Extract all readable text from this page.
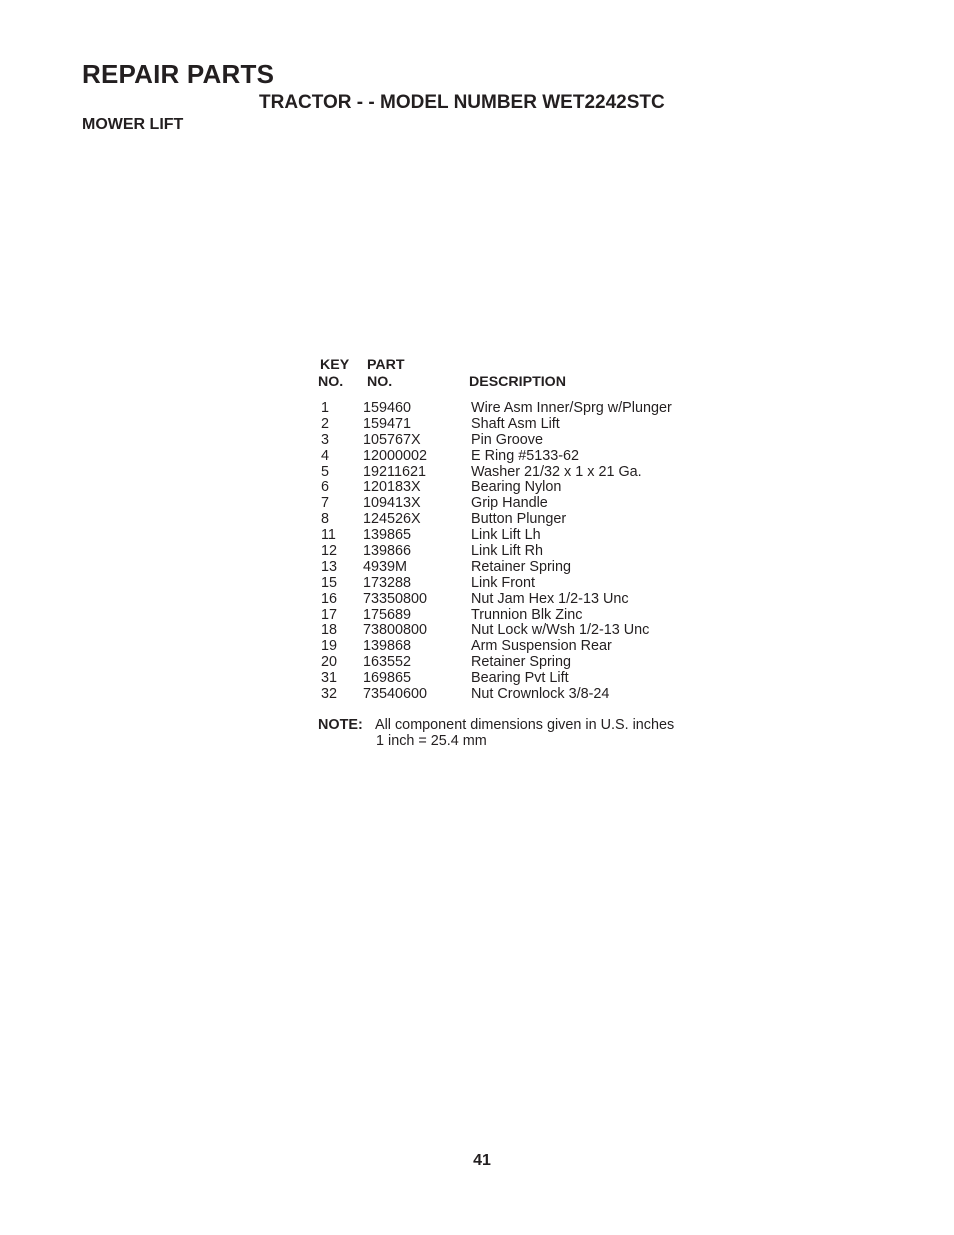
REPAIR PARTS
TRACTOR - - MODEL NUMBER WET2242STC
MOWER LIFT
KEY
NO.
PART
NO.	DESCRIPTION
1 159460	Wire Asm Inner/Sprg w/Plunger
2 159471	Shaft Asm Lift
3 105767X	Pin Groove
4 12000002	E Ring #5133-62
5 19211621	Washer 21/32 x 1 x 21 Ga.
6 120183X	Bearing Nylon
7 109413X	Grip Handle
8 124526X	Button Plunger
11 139865	Link Lift Lh
12 139866	Link Lift Rh
13 4939M	Retainer Spring
15 173288	Link Front
16 73350800	Nut Jam Hex 1/2-13 Unc
17 175689	Trunnion Blk Zinc
18 73800800	Nut Lock w/Wsh 1/2-13 Unc
19 139868	Arm Suspension Rear
20 163552	Retainer Spring
31 169865	Bearing Pvt Lift
32 73540600	Nut Crownlock 3/8-24
NOTE: All component dimensions given in U.S. inches
1 inch = 25.4 mm
41
